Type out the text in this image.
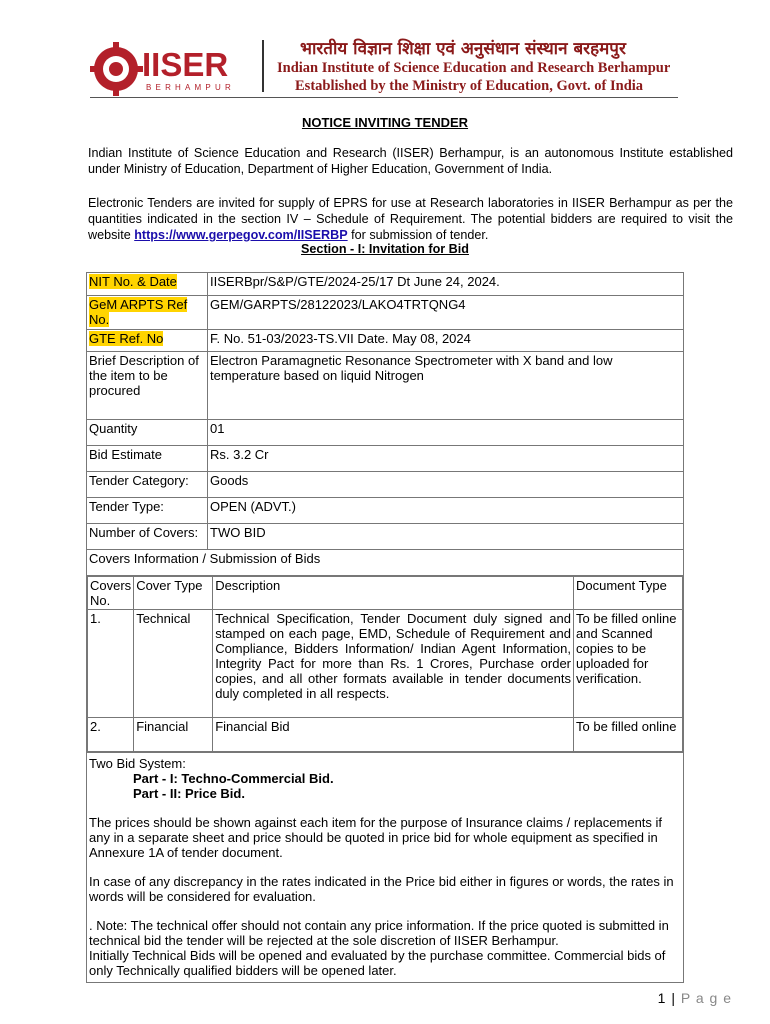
IISER
BERHAMPUR
भारतीय विज्ञान शिक्षा एवं अनुसंधान संस्थान बरहमपुर
Indian Institute of Science Education and Research Berhampur
Established by the Ministry of Education, Govt. of India
NOTICE INVITING TENDER
Indian Institute of Science Education and Research (IISER) Berhampur, is an autonomous Institute established under Ministry of Education, Department of Higher Education, Government of India.
Electronic Tenders are invited for supply of EPRS for use at Research laboratories in IISER Berhampur as per the quantities indicated in the section IV – Schedule of Requirement. The potential bidders are required to visit the website https://www.gerpegov.com/IISERBP for submission of tender.
Section - I: Invitation for Bid
NIT No. & Date	IISERBpr/S&P/GTE/2024-25/17 Dt June 24, 2024.
GeM ARPTS Ref
No.	GEM/GARPTS/28122023/LAKO4TRTQNG4
GTE Ref. No	F. No. 51-03/2023-TS.VII Date. May 08, 2024
Brief Description of the item to be procured	Electron Paramagnetic Resonance Spectrometer with X band and low temperature based on liquid Nitrogen
Quantity	01
Bid Estimate	Rs. 3.2 Cr
Tender Category:	Goods
Tender Type:	OPEN (ADVT.)
Number of Covers:	TWO BID
Covers Information / Submission of Bids

Covers No.	Cover Type	Description	Document Type
1.	Technical	Technical Specification, Tender Document duly signed and stamped on each page, EMD, Schedule of Requirement and Compliance, Bidders Information/ Indian Agent Information, Integrity Pact for more than Rs. 1 Crores, Purchase order copies, and all other formats available in tender documents duly completed in all respects.	To be filled online and Scanned copies to be uploaded for verification.
2.	Financial	Financial Bid	To be filled online

Two Bid System:

Part - I: Techno-Commercial Bid.

Part - II: Price Bid.

The prices should be shown against each item for the purpose of Insurance claims / replacements if any in a separate sheet and price should be quoted in price bid for whole equipment as specified in Annexure 1A of tender document.

In case of any discrepancy in the rates indicated in the Price bid either in figures or words, the rates in words will be considered for evaluation.

. Note: The technical offer should not contain any price information. If the price quoted is submitted in technical bid the tender will be rejected at the sole discretion of IISER Berhampur.

Initially Technical Bids will be opened and evaluated by the purchase committee. Commercial bids of only Technically qualified bidders will be opened later.

1 | P a g e
